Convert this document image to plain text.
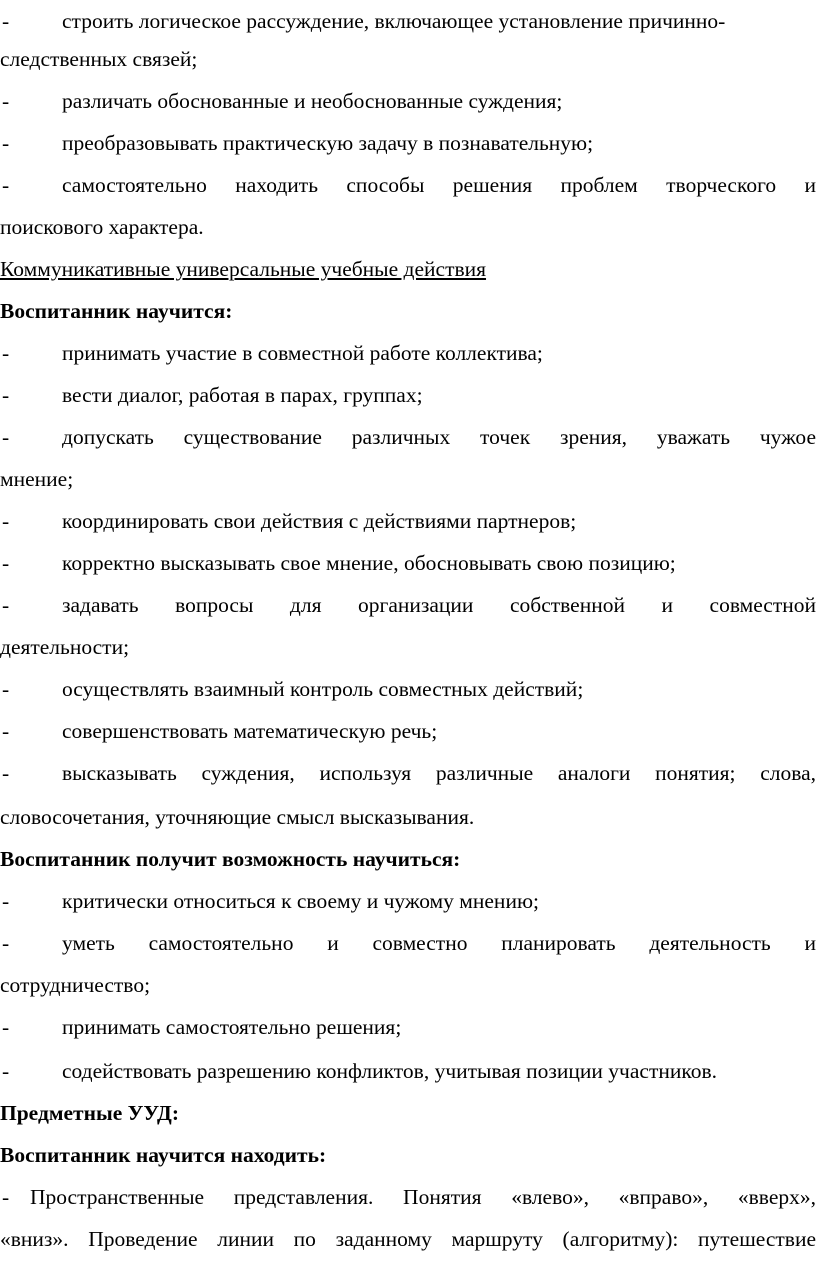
- строить логическое рассуждение, включающее установление причинно-
следственных связей;
- различать обоснованные и необоснованные суждения;
- преобразовывать практическую задачу в познавательную;
- самостоятельно находить способы решения проблем творческого и
поискового характера.
Коммуникативные универсальные учебные действия
Воспитанник научится:
- принимать участие в совместной работе коллектива;
- вести диалог, работая в парах, группах;
- допускать существование различных точек зрения, уважать чужое
мнение;
- координировать свои действия с действиями партнеров;
- корректно высказывать свое мнение, обосновывать свою позицию;
- задавать вопросы для организации собственной и совместной
деятельности;
- осуществлять взаимный контроль совместных действий;
- совершенствовать математическую речь;
- высказывать суждения, используя различные аналоги понятия; слова,
словосочетания, уточняющие смысл высказывания.
Воспитанник получит возможность научиться:
- критически относиться к своему и чужому мнению;
- уметь самостоятельно и совместно планировать деятельность и
сотрудничество;
- принимать самостоятельно решения;
- содействовать разрешению конфликтов, учитывая позиции участников.
Предметные УУД:
Воспитанник научится находить:
- Пространственные представления. Понятия «влево», «вправо», «вверх»,
«вниз». Проведение линии по заданному маршруту (алгоритму): путешествие
